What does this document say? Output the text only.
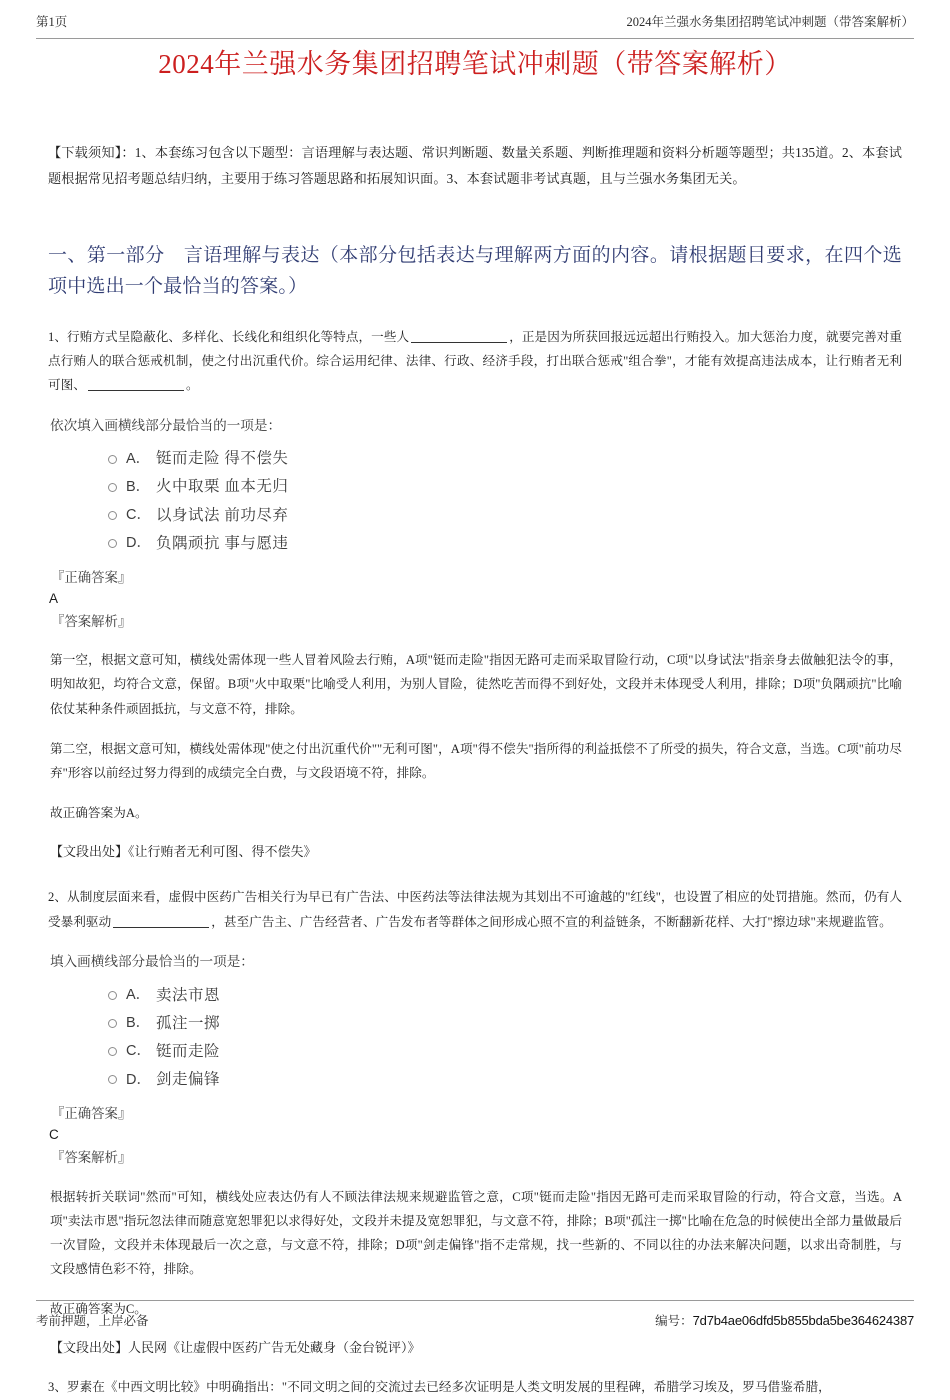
第1页	2024年兰强水务集团招聘笔试冲刺题（带答案解析）
2024年兰强水务集团招聘笔试冲刺题（带答案解析）
【下载须知】：1、本套练习包含以下题型：言语理解与表达题、常识判断题、数量关系题、判断推理题和资料分析题等题型；共135道。2、本套试题根据常见招考题总结归纳，主要用于练习答题思路和拓展知识面。3、本套试题非考试真题，且与兰强水务集团无关。
一、第一部分　言语理解与表达（本部分包括表达与理解两方面的内容。请根据题目要求，在四个选项中选出一个最恰当的答案。）
1、行贿方式呈隐蔽化、多样化、长线化和组织化等特点，一些人	，正是因为所获回报远远超出行贿投入。加大惩治力度，就要完善对重点行贿人的联合惩戒机制，使之付出沉重代价。综合运用纪律、法律、行政、经济手段，打出联合惩戒"组合拳"，才能有效提高违法成本，让行贿者无利可图、	。
依次填入画横线部分最恰当的一项是：
A． 铤而走险 得不偿失
B． 火中取栗 血本无归
C． 以身试法 前功尽弃
D． 负隅顽抗 事与愿违
『正确答案』
A
『答案解析』
第一空，根据文意可知，横线处需体现一些人冒着风险去行贿，A项"铤而走险"指因无路可走而采取冒险行动，C项"以身试法"指亲身去做触犯法令的事，明知故犯，均符合文意，保留。B项"火中取栗"比喻受人利用，为别人冒险，徒然吃苦而得不到好处，文段并未体现受人利用，排除；D项"负隅顽抗"比喻依仗某种条件顽固抵抗，与文意不符，排除。
第二空，根据文意可知，横线处需体现"使之付出沉重代价""无利可图"，A项"得不偿失"指所得的利益抵偿不了所受的损失，符合文意，当选。C项"前功尽弃"形容以前经过努力得到的成绩完全白费，与文段语境不符，排除。
故正确答案为A。
【文段出处】《让行贿者无利可图、得不偿失》
2、从制度层面来看，虚假中医药广告相关行为早已有广告法、中医药法等法律法规为其划出不可逾越的"红线"，也设置了相应的处罚措施。然而，仍有人受暴利驱动	，甚至广告主、广告经营者、广告发布者等群体之间形成心照不宣的利益链条，不断翻新花样、大打"擦边球"来规避监管。
填入画横线部分最恰当的一项是：
A． 卖法市恩
B． 孤注一掷
C． 铤而走险
D． 剑走偏锋
『正确答案』
C
『答案解析』
根据转折关联词"然而"可知，横线处应表达仍有人不顾法律法规来规避监管之意，C项"铤而走险"指因无路可走而采取冒险的行动，符合文意，当选。A项"卖法市恩"指玩忽法律而随意宽恕罪犯以求得好处，文段并未提及宽恕罪犯，与文意不符，排除；B项"孤注一掷"比喻在危急的时候使出全部力量做最后一次冒险，文段并未体现最后一次之意，与文意不符，排除；D项"剑走偏锋"指不走常规，找一些新的、不同以往的办法来解决问题，以求出奇制胜，与文段感情色彩不符，排除。
故正确答案为C。
【文段出处】人民网《让虚假中医药广告无处藏身（金台锐评）》
3、罗素在《中西文明比较》中明确指出："不同文明之间的交流过去已经多次证明是人类文明发展的里程碑，希腊学习埃及，罗马借鉴希腊，
考前押题，上岸必备	编号：7d7b4ae06dfd5b855bda5be364624387
